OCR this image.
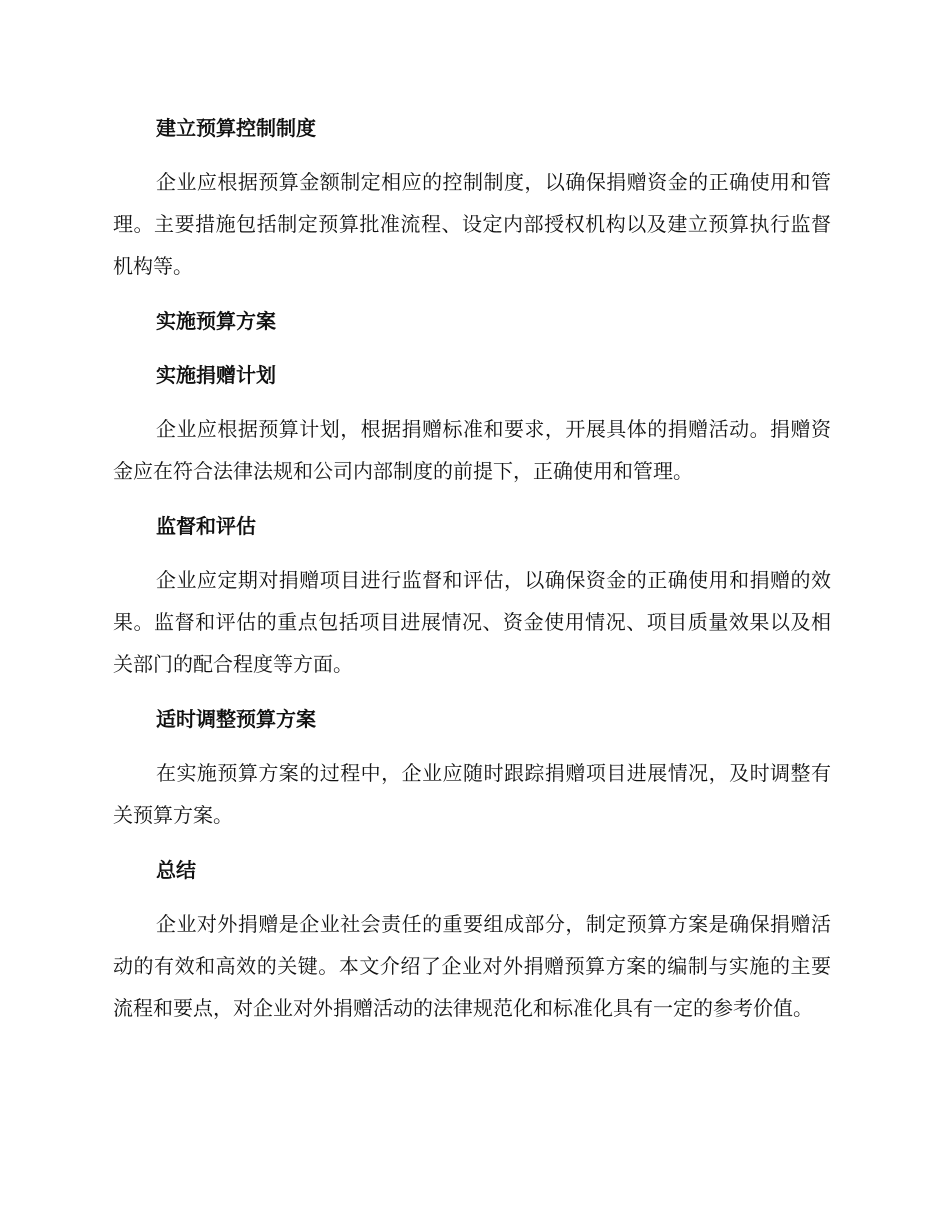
建立预算控制制度

企业应根据预算金额制定相应的控制制度，以确保捐赠资金的正确使用和管理。主要措施包括制定预算批准流程、设定内部授权机构以及建立预算执行监督机构等。

实施预算方案
实施捐赠计划

企业应根据预算计划，根据捐赠标准和要求，开展具体的捐赠活动。捐赠资金应在符合法律法规和公司内部制度的前提下，正确使用和管理。

监督和评估

企业应定期对捐赠项目进行监督和评估，以确保资金的正确使用和捐赠的效果。监督和评估的重点包括项目进展情况、资金使用情况、项目质量效果以及相关部门的配合程度等方面。

适时调整预算方案

在实施预算方案的过程中，企业应随时跟踪捐赠项目进展情况，及时调整有关预算方案。

总结

企业对外捐赠是企业社会责任的重要组成部分，制定预算方案是确保捐赠活动的有效和高效的关键。本文介绍了企业对外捐赠预算方案的编制与实施的主要流程和要点，对企业对外捐赠活动的法律规范化和标准化具有一定的参考价值。
